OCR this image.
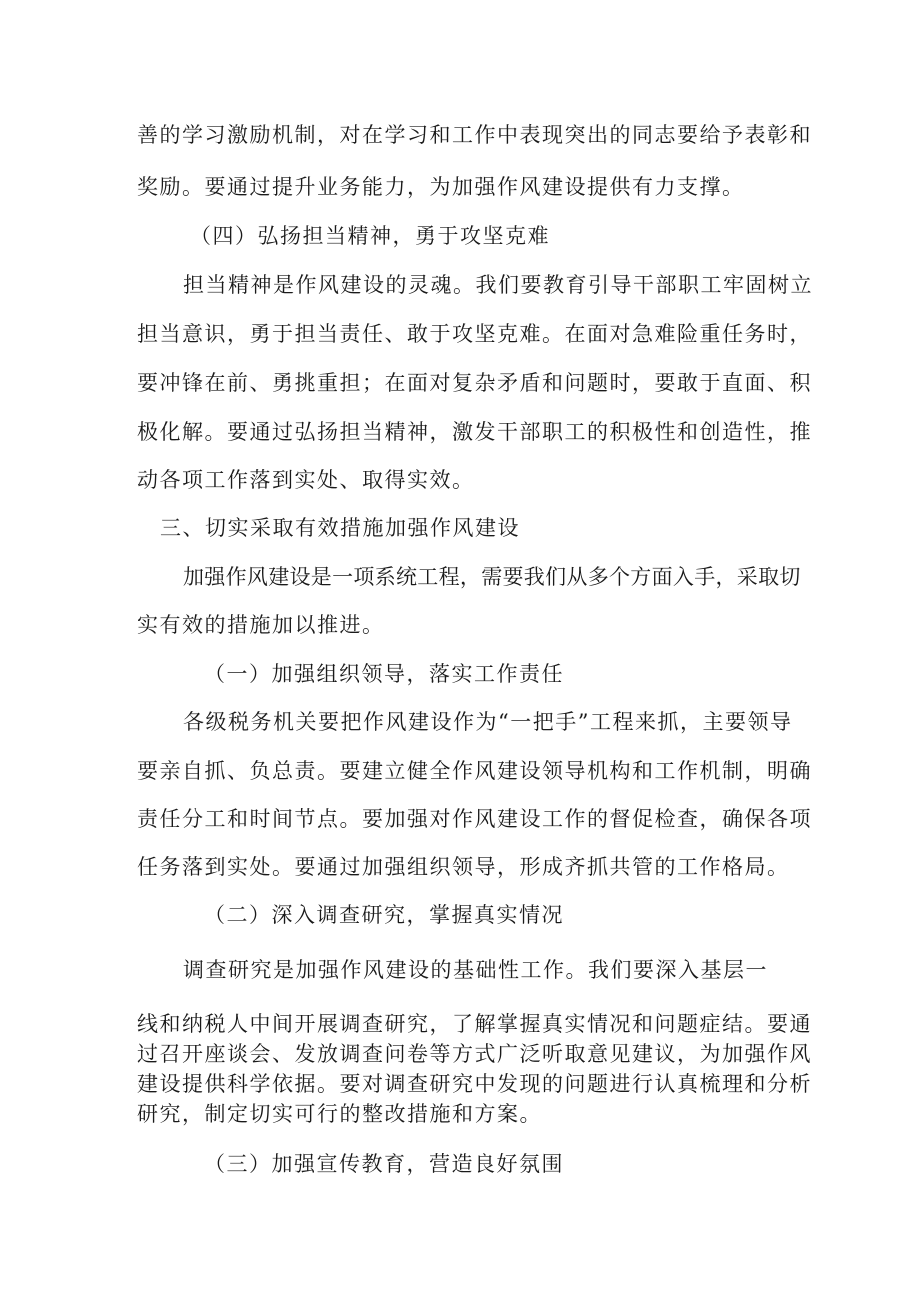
善的学习激励机制，对在学习和工作中表现突出的同志要给予表彰和
奖励。要通过提升业务能力，为加强作风建设提供有力支撑。
（四）弘扬担当精神，勇于攻坚克难
担当精神是作风建设的灵魂。我们要教育引导干部职工牢固树立
担当意识，勇于担当责任、敢于攻坚克难。在面对急难险重任务时，
要冲锋在前、勇挑重担；在面对复杂矛盾和问题时，要敢于直面、积
极化解。要通过弘扬担当精神，激发干部职工的积极性和创造性，推
动各项工作落到实处、取得实效。
三、切实采取有效措施加强作风建设
加强作风建设是一项系统工程，需要我们从多个方面入手，采取切
实有效的措施加以推进。
（一）加强组织领导，落实工作责任
各级税务机关要把作风建设作为“一把手”工程来抓，主要领导
要亲自抓、负总责。要建立健全作风建设领导机构和工作机制，明确
责任分工和时间节点。要加强对作风建设工作的督促检查，确保各项
任务落到实处。要通过加强组织领导，形成齐抓共管的工作格局。
（二）深入调查研究，掌握真实情况
调查研究是加强作风建设的基础性工作。我们要深入基层一
线和纳税人中间开展调查研究，了解掌握真实情况和问题症结。要通
过召开座谈会、发放调查问卷等方式广泛听取意见建议，为加强作风
建设提供科学依据。要对调查研究中发现的问题进行认真梳理和分析
研究，制定切实可行的整改措施和方案。
（三）加强宣传教育，营造良好氛围
